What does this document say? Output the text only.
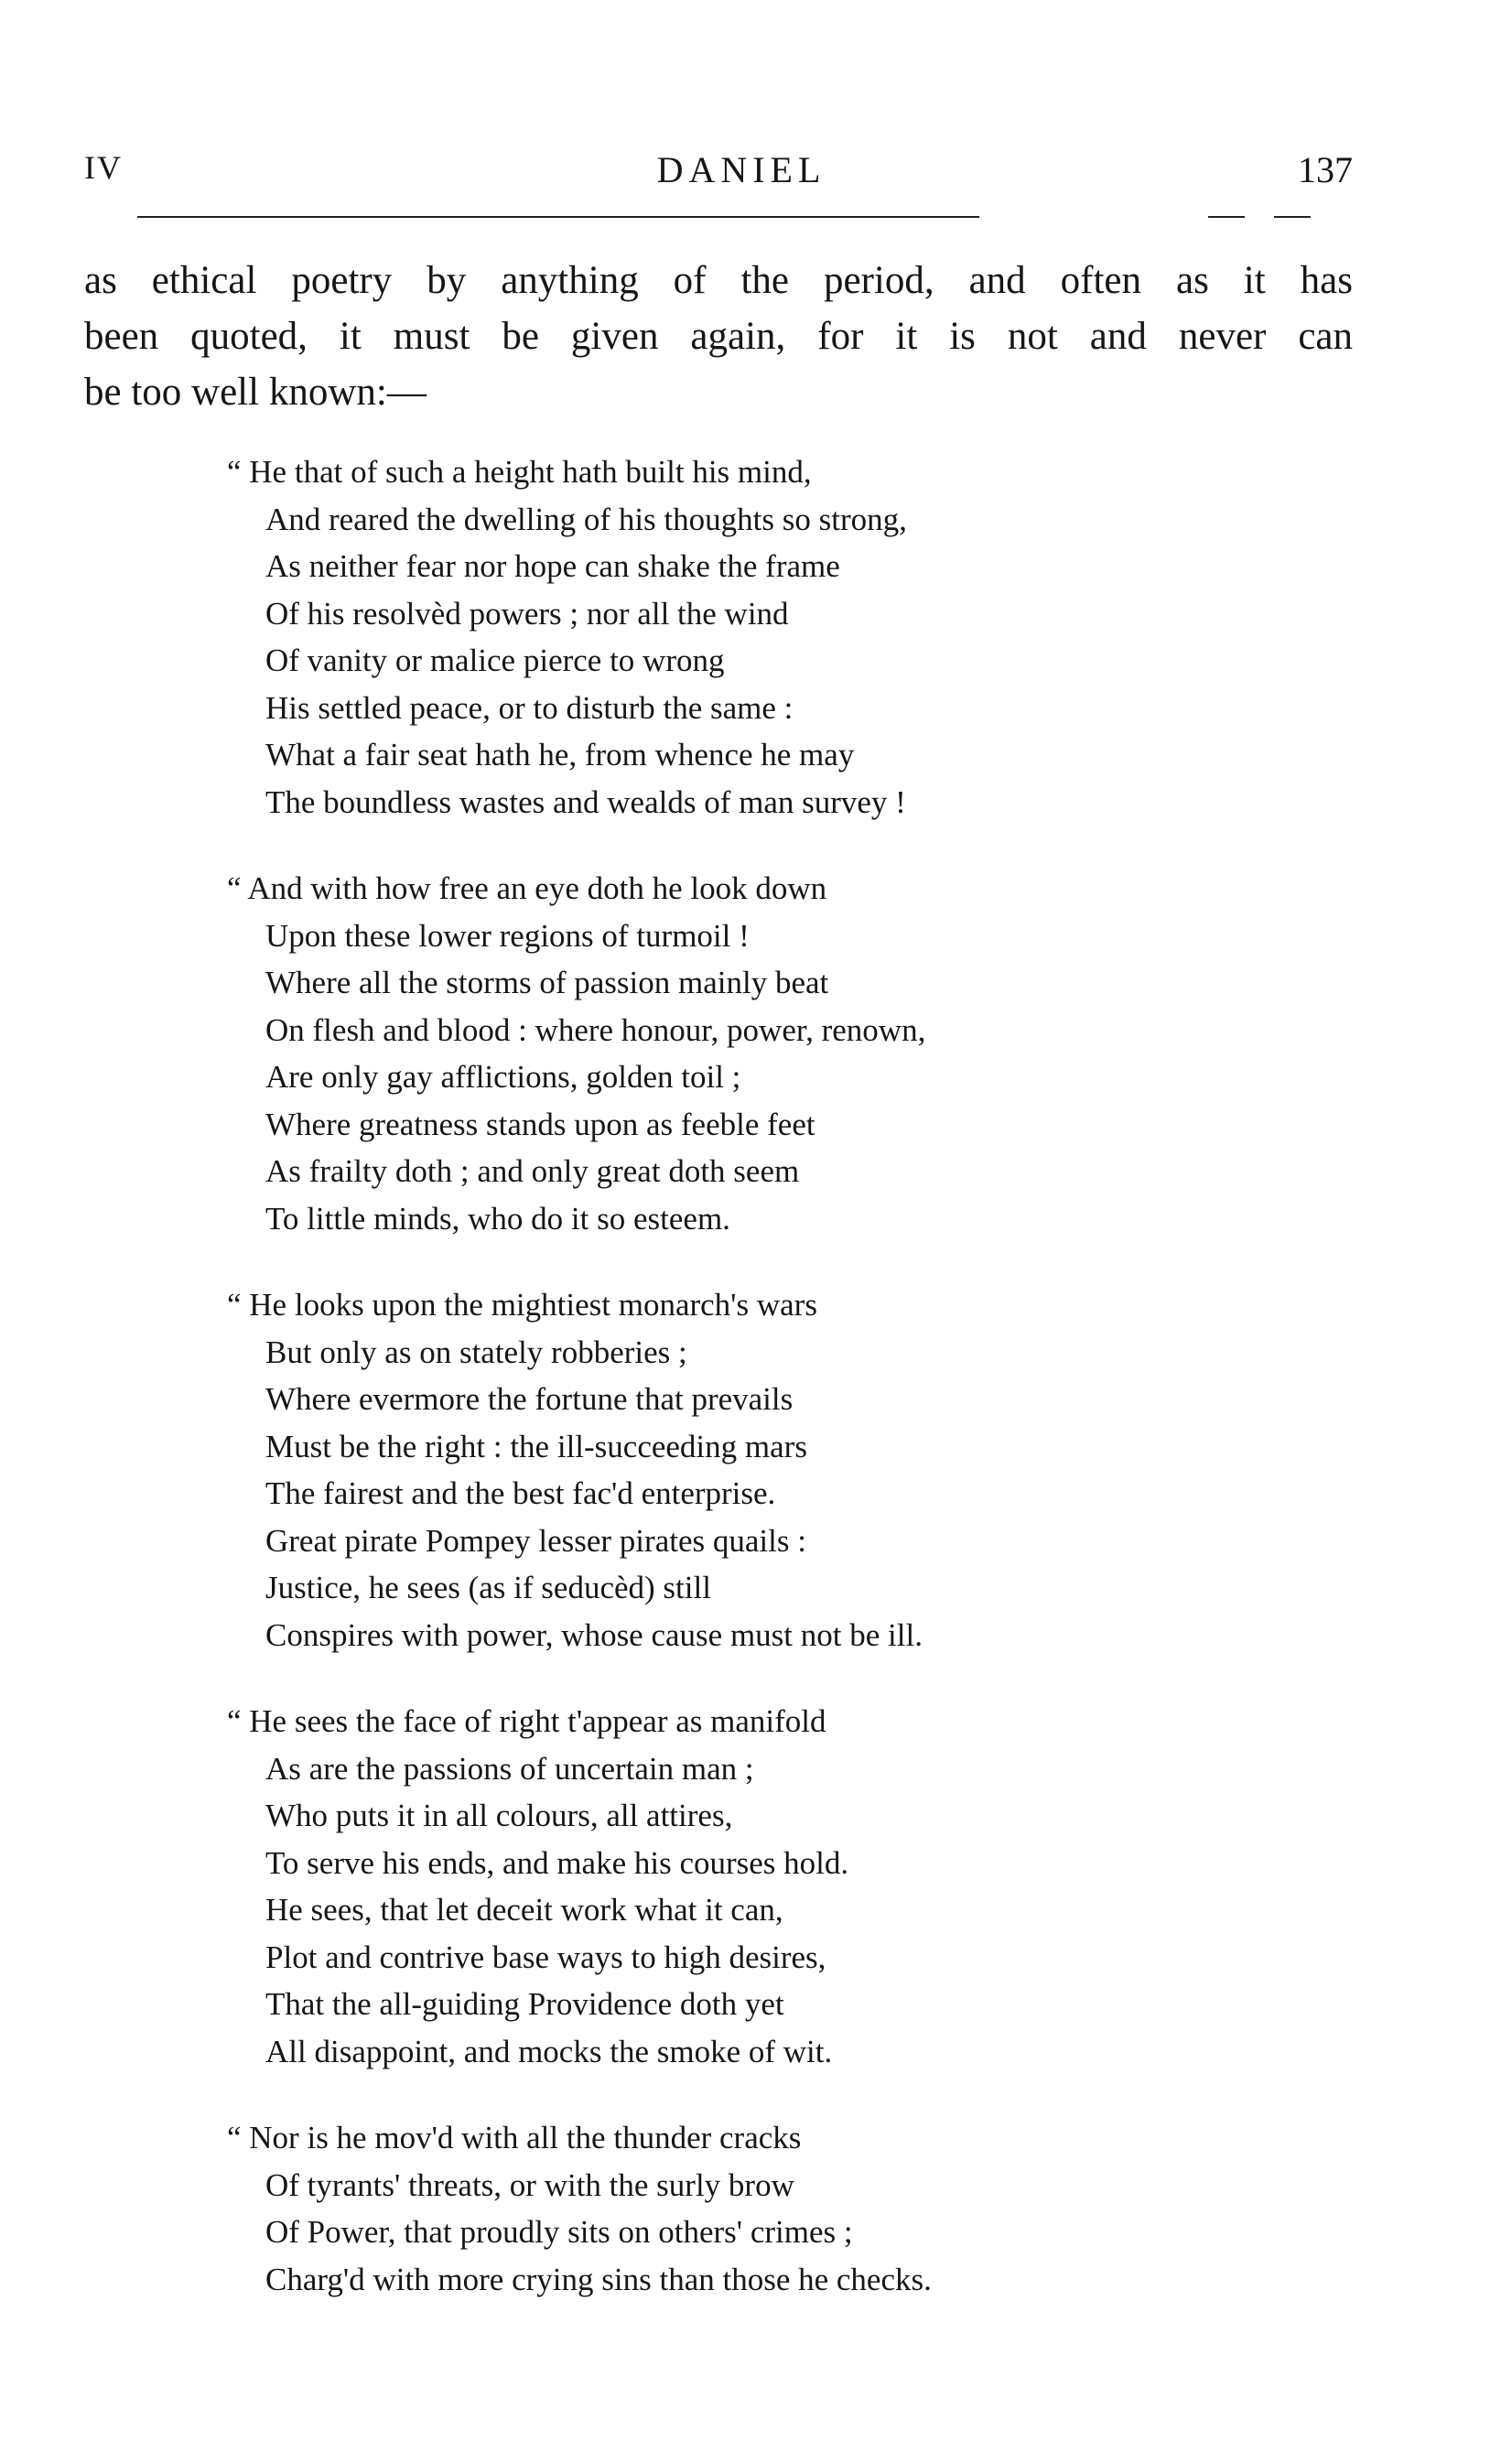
IV	DANIEL	137

as ethical poetry by anything of the period, and often as it has
been quoted, it must be given again, for it is not and never can
be too well known:—

“ He that of such a height hath built his mind,
And reared the dwelling of his thoughts so strong,
As neither fear nor hope can shake the frame
Of his resolvèd powers ; nor all the wind
Of vanity or malice pierce to wrong
His settled peace, or to disturb the same :
What a fair seat hath he, from whence he may
The boundless wastes and wealds of man survey !
“ And with how free an eye doth he look down
Upon these lower regions of turmoil !
Where all the storms of passion mainly beat
On flesh and blood : where honour, power, renown,
Are only gay afflictions, golden toil ;
Where greatness stands upon as feeble feet
As frailty doth ; and only great doth seem
To little minds, who do it so esteem.
“ He looks upon the mightiest monarch's wars
But only as on stately robberies ;
Where evermore the fortune that prevails
Must be the right : the ill-succeeding mars
The fairest and the best fac'd enterprise.
Great pirate Pompey lesser pirates quails :
Justice, he sees (as if seducèd) still
Conspires with power, whose cause must not be ill.
“ He sees the face of right t'appear as manifold
As are the passions of uncertain man ;
Who puts it in all colours, all attires,
To serve his ends, and make his courses hold.
He sees, that let deceit work what it can,
Plot and contrive base ways to high desires,
That the all-guiding Providence doth yet
All disappoint, and mocks the smoke of wit.
“ Nor is he mov'd with all the thunder cracks
Of tyrants' threats, or with the surly brow
Of Power, that proudly sits on others' crimes ;
Charg'd with more crying sins than those he checks.
